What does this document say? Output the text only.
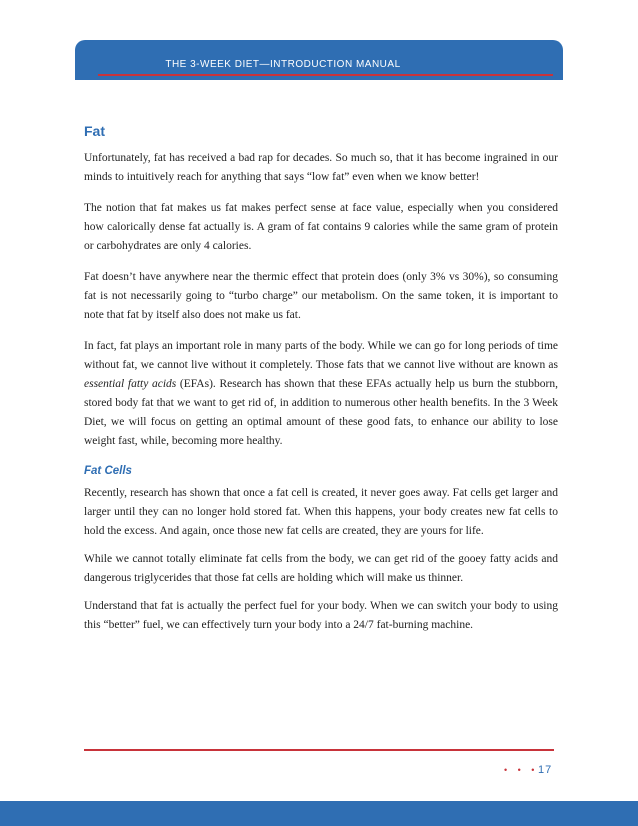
THE 3-WEEK DIET—INTRODUCTION MANUAL
Fat

Unfortunately, fat has received a bad rap for decades. So much so, that it has become ingrained in our minds to intuitively reach for anything that says “low fat” even when we know better!

The notion that fat makes us fat makes perfect sense at face value, especially when you considered how calorically dense fat actually is. A gram of fat contains 9 calories while the same gram of protein or carbohydrates are only 4 calories.

Fat doesn’t have anywhere near the thermic effect that protein does (only 3% vs 30%), so consuming fat is not necessarily going to “turbo charge” our metabolism. On the same token, it is important to note that fat by itself also does not make us fat.

In fact, fat plays an important role in many parts of the body. While we can go for long periods of time without fat, we cannot live without it completely. Those fats that we cannot live without are known as essential fatty acids (EFAs). Research has shown that these EFAs actually help us burn the stubborn, stored body fat that we want to get rid of, in addition to numerous other health benefits. In the 3 Week Diet, we will focus on getting an optimal amount of these good fats, to enhance our ability to lose weight fast, while, becoming more healthy.

Fat Cells

Recently, research has shown that once a fat cell is created, it never goes away. Fat cells get larger and larger until they can no longer hold stored fat. When this happens, your body creates new fat cells to hold the excess. And again, once those new fat cells are created, they are yours for life.

While we cannot totally eliminate fat cells from the body, we can get rid of the gooey fatty acids and dangerous triglycerides that those fat cells are holding which will make us thinner.

Understand that fat is actually the perfect fuel for your body. When we can switch your body to using this “better” fuel, we can effectively turn your body into a 24/7 fat-burning machine.

• • • 17
